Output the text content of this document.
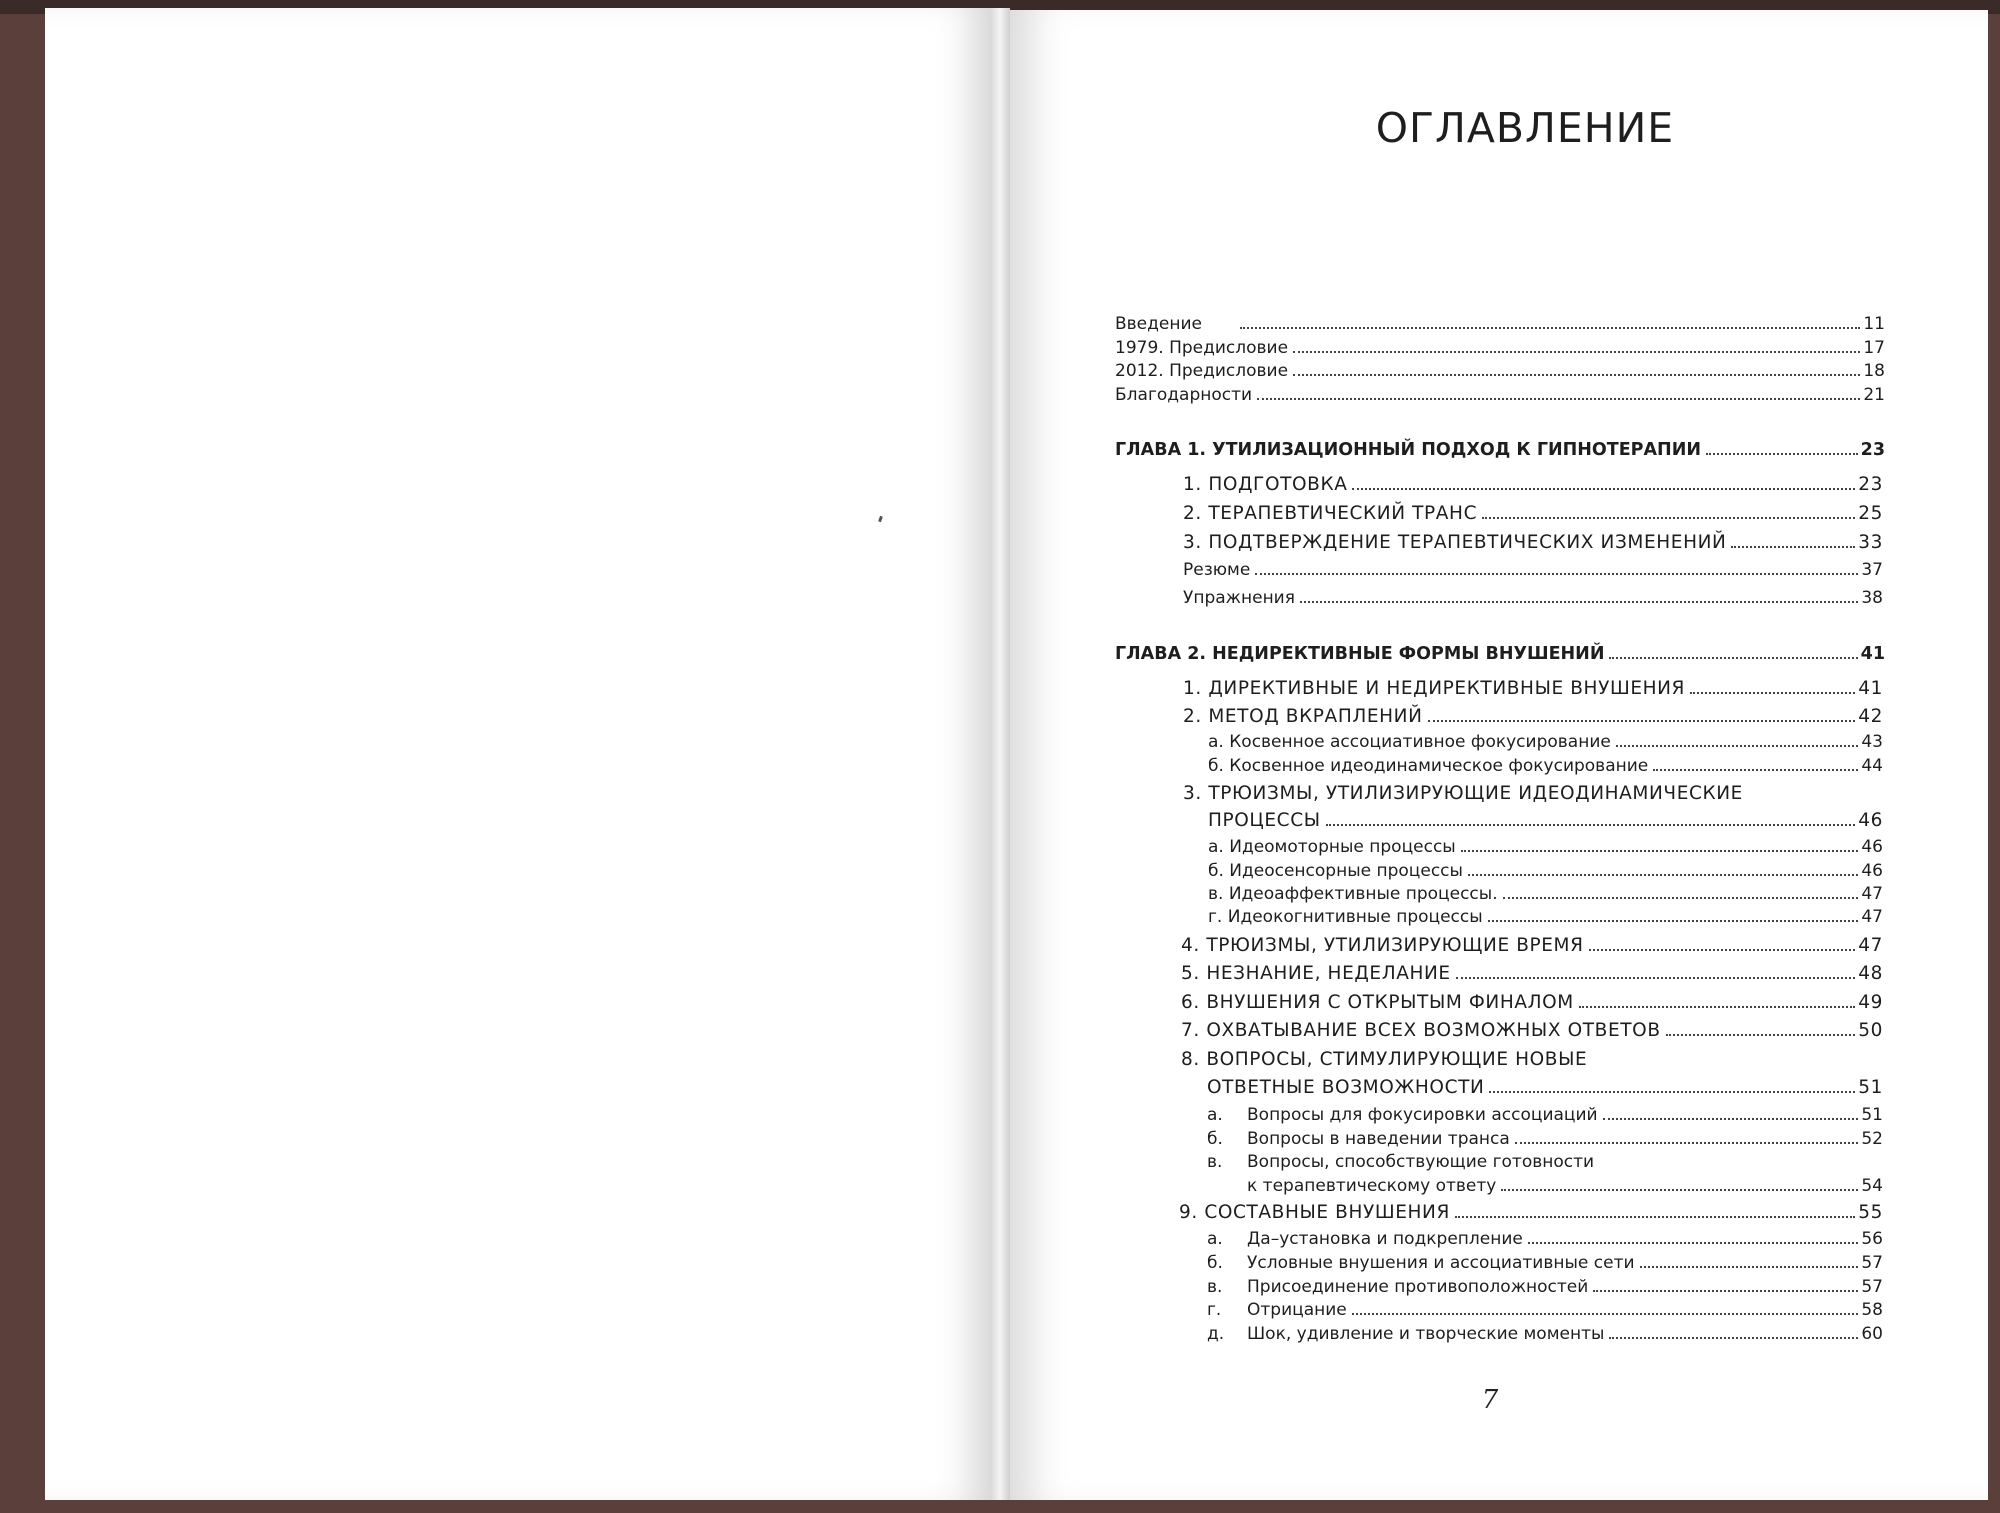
ОГЛАВЛЕНИЕ
Введение	11
1979. Предисловие	17
2012. Предисловие	18
Благодарности	21
ГЛАВА 1. УТИЛИЗАЦИОННЫЙ ПОДХОД К ГИПНОТЕРАПИИ	23
1. ПОДГОТОВКА	23
2. ТЕРАПЕВТИЧЕСКИЙ ТРАНС	25
3. ПОДТВЕРЖДЕНИЕ ТЕРАПЕВТИЧЕСКИХ ИЗМЕНЕНИЙ	33
Резюме	37
Упражнения	38
ГЛАВА 2. НЕДИРЕКТИВНЫЕ ФОРМЫ ВНУШЕНИЙ	41
1. ДИРЕКТИВНЫЕ И НЕДИРЕКТИВНЫЕ ВНУШЕНИЯ	41
2. МЕТОД ВКРАПЛЕНИЙ	42
а. Косвенное ассоциативное фокусирование	43
б. Косвенное идеодинамическое фокусирование	44
3. ТРЮИЗМЫ, УТИЛИЗИРУЮЩИЕ ИДЕОДИНАМИЧЕСКИЕ
ПРОЦЕССЫ	46
а. Идеомоторные процессы	46
б. Идеосенсорные процессы	46
в. Идеоаффективные процессы.	47
г. Идеокогнитивные процессы	47
4. ТРЮИЗМЫ, УТИЛИЗИРУЮЩИЕ ВРЕМЯ	47
5. НЕЗНАНИЕ, НЕДЕЛАНИЕ	48
6. ВНУШЕНИЯ С ОТКРЫТЫМ ФИНАЛОМ	49
7. ОХВАТЫВАНИЕ ВСЕХ ВОЗМОЖНЫХ ОТВЕТОВ	50
8. ВОПРОСЫ, СТИМУЛИРУЮЩИЕ НОВЫЕ
ОТВЕТНЫЕ ВОЗМОЖНОСТИ	51
а.	Вопросы для фокусировки ассоциаций	51
б.	Вопросы в наведении транса	52
в.	Вопросы, способствующие готовности
к терапевтическому ответу	54
9. СОСТАВНЫЕ ВНУШЕНИЯ	55
а.	Да–установка и подкрепление	56
б.	Условные внушения и ассоциативные сети	57
в.	Присоединение противоположностей	57
г.	Отрицание	58
д.	Шок, удивление и творческие моменты	60
7
